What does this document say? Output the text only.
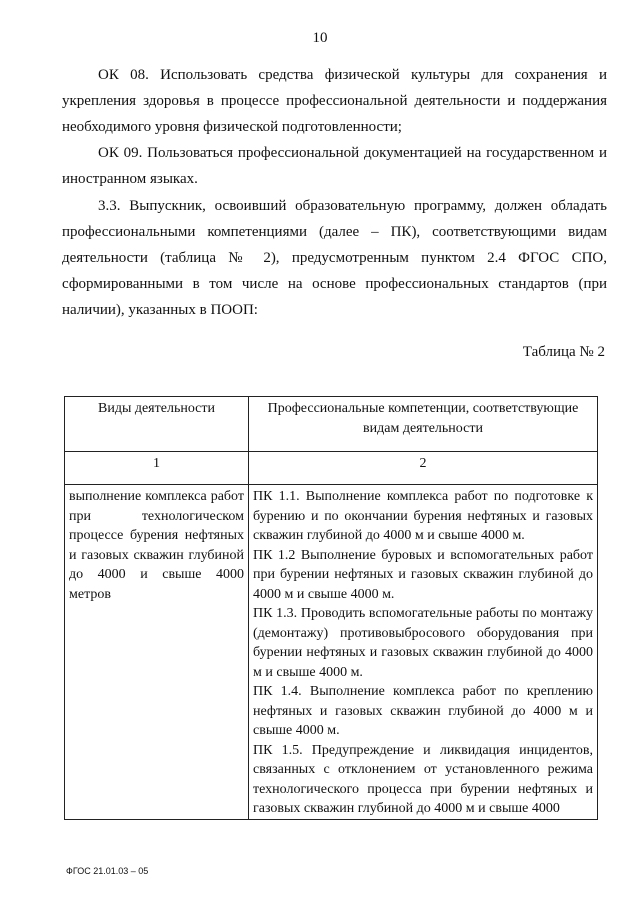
10

ОК 08. Использовать средства физической культуры для сохранения и укрепления здоровья в процессе профессиональной деятельности и поддержания необходимого уровня физической подготовленности;

ОК 09. Пользоваться профессиональной документацией на государственном и иностранном языках.

3.3. Выпускник, освоивший образовательную программу, должен обладать профессиональными компетенциями (далее – ПК), соответствующими видам деятельности (таблица № 2), предусмотренным пунктом 2.4 ФГОС СПО, сформированными в том числе на основе профессиональных стандартов (при наличии), указанных в ПООП:

Таблица № 2
Виды деятельности	Профессиональные компетенции, соответствующие видам деятельности
1	2
выполнение комплекса работ при технологическом процессе бурения нефтяных и газовых скважин глубиной до 4000 и свыше 4000 метров	ПК 1.1. Выполнение комплекса работ по подготовке к бурению и по окончании бурения нефтяных и газовых скважин глубиной до 4000 м и свыше 4000 м.

ПК 1.2 Выполнение буровых и вспомогательных работ при бурении нефтяных и газовых скважин глубиной до 4000 м и свыше 4000 м.

ПК 1.3. Проводить вспомогательные работы по монтажу (демонтажу) противовыбросового оборудования при бурении нефтяных и газовых скважин глубиной до 4000 м и свыше 4000 м.

ПК 1.4. Выполнение комплекса работ по креплению нефтяных и газовых скважин глубиной до 4000 м и свыше 4000 м.

ПК 1.5. Предупреждение и ликвидация инцидентов, связанных с отклонением от установленного режима технологического процесса при бурении нефтяных и газовых скважин глубиной до 4000 м и свыше 4000

ФГОС 21.01.03 – 05
